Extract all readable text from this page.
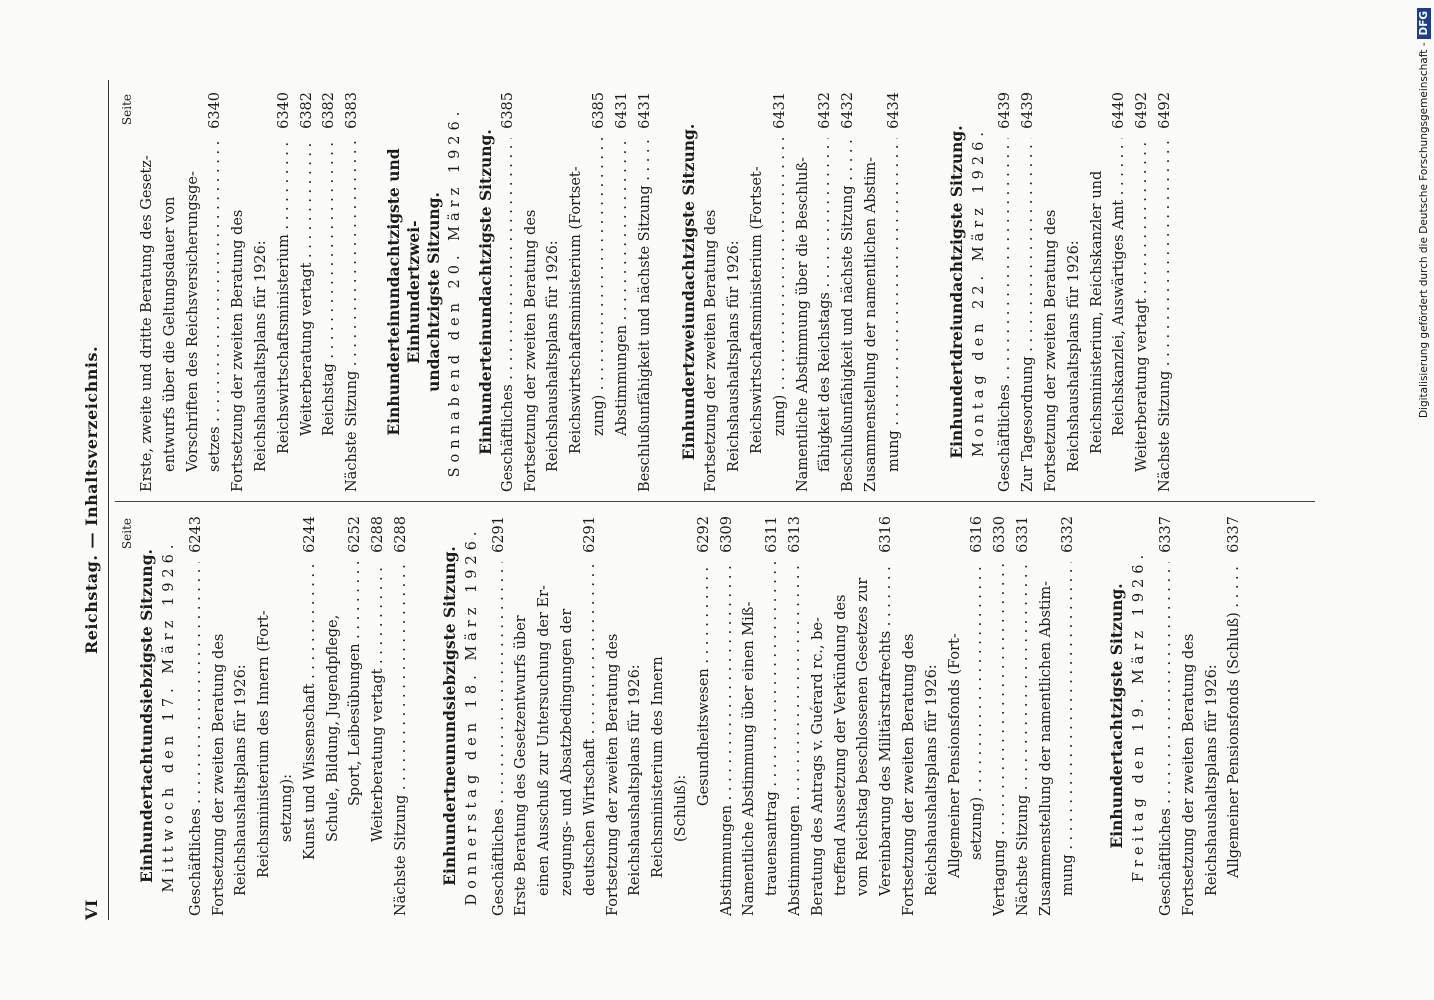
VI
Reichstag. — Inhaltsverzeichnis. Seite
Einhundertachtundsiebzigste Sitzung. Mittwoch den 17. März 1926. Geschäftliches . . .
6243
Fortsetzung der zweiten Beratung des Reichshaushaltsplans für 1926: Reichsministerium des Innern (Fort- setzung): Kunst und Wissenschaft . . .
6244
Schule, Bildung, Jugendpflege, Sport, Leibesübungen . . .
6252
Weiterberatung vertagt . . .
6288
Nächste Sitzung . . .
6288
Einhundertneunundsiebzigste Sitzung. Donnerstag den 18. März 1926. Geschäftliches . . .
6291
Erste Beratung des Gesetzentwurfs über einen Ausschuß zur Untersuchung der Er- zeugungs- und Absatzbedingungen der deutschen Wirtschaft . . .
6291
Fortsetzung der zweiten Beratung des Reichshaushaltsplans für 1926: Reichsministerium des Innern (Schluß):
Gesundheitswesen . . .
6292
Abstimmungen . . .
6309
Namentliche Abstimmung über einen Miß- trauensantrag . . .
6311
Abstimmungen . . .
6313
Beratung des Antrags v. Guérard rc., be- treffend Aussetzung der Verkündung des vom Reichstag beschlossenen Gesetzes zur Vereinbarung des Militärstrafrechts . . .
6316
Fortsetzung der zweiten Beratung des Reichshaushaltsplans für 1926: Allgemeiner Pensionsfonds (Fort- setzung) . . .
6316
Vertagung . . .
6330
Nächste Sitzung . . .
6331
Zusammenstellung der namentlichen Abstim- mung . . .
6332
Einhundertachtzigste Sitzung. Freitag den 19. März 1926. Geschäftliches . . .
6337
Fortsetzung der zweiten Beratung des Reichshaushaltsplans für 1926: Allgemeiner Pensionsfonds (Schluß) . . .
6337
Seite
Erste, zweite und dritte Beratung des Gesetz- entwurfs über die Geltungsdauer von Vorschriften des Reichsversicherungsge- setzes . . .
6340
Fortsetzung der zweiten Beratung des Reichshaushaltsplans für 1926: Reichswirtschaftsministerium . . .
6340
Weiterberatung vertagt . . .
6382
Reichstag . . .
6382
Nächste Sitzung . . .
6383
Einhunderteinundachtzigste und Einhundertzwei- undachtzigste Sitzung. Sonnabend den 20. März 1926. Einhunderteinundachtzigste Sitzung. Geschäftliches . . .
6385
Fortsetzung der zweiten Beratung des Reichshaushaltsplans für 1926: Reichswirtschaftsministerium (Fortset- zung) . . .
6385
Abstimmungen . . .
6431
Beschlußunfähigkeit und nächste Sitzung . . .
6431
Einhundertzweiundachtzigste Sitzung. Fortsetzung der zweiten Beratung des Reichshaushaltsplans für 1926: Reichswirtschaftsministerium (Fortset- zung) . . .
6431
Namentliche Abstimmung über die Beschluß- fähigkeit des Reichstags . . .
6432
Beschlußunfähigkeit und nächste Sitzung . . .
6432
Zusammenstellung der namentlichen Abstim- mung . . .
6434
Einhundertdreiundachtzigste Sitzung. Montag den 22. März 1926. Geschäftliches . . .
6439
Zur Tagesordnung . . .
6439
Fortsetzung der zweiten Beratung des Reichshaushaltsplans für 1926: Reichsministerium, Reichskanzler und Reichskanzlei, Auswärtiges Amt . . .
6440
Weiterberatung vertagt . . .
6492
Nächste Sitzung . . .
6492	Digitalisierung gefördert durch die Deutsche Forschungsgemeinschaft -DFG
